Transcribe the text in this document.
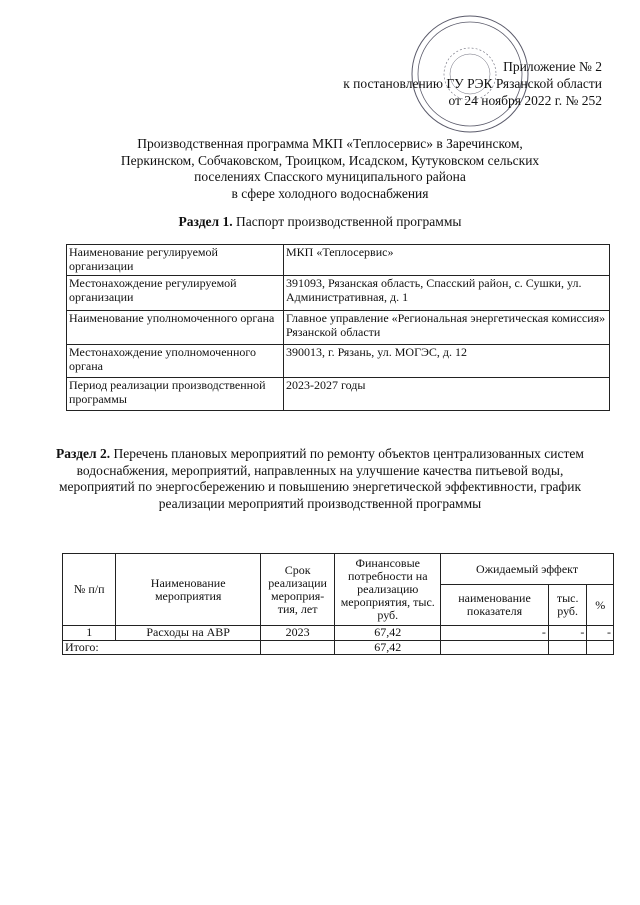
Приложение № 2
к постановлению ГУ РЭК Рязанской области
от 24 ноября 2022 г. № 252
Производственная программа МКП «Теплосервис» в Заречинском,
Перкинском, Собчаковском, Троицком, Исадском, Кутуковском сельских
поселениях Спасского муниципального района
в сфере холодного водоснабжения
Раздел 1. Паспорт производственной программы
Наименование регулируемой организации	МКП «Теплосервис»
Местонахождение регулируемой организации	391093, Рязанская область, Спасский район, с. Сушки, ул. Административная, д. 1
Наименование уполномоченного органа	Главное управление «Региональная энергетическая комиссия» Рязанской области
Местонахождение уполномоченного органа	390013, г. Рязань, ул. МОГЭС, д. 12
Период реализации производственной программы	2023-2027 годы
Раздел 2. Перечень плановых мероприятий по ремонту объектов централизованных систем водоснабжения, мероприятий, направленных на улучшение качества питьевой воды, мероприятий по энергосбережению и повышению энергетической эффективности, график реализации мероприятий производственной программы
№ п/п	Наименование мероприятия	Срок реализации мероприя-тия, лет	Финансовые потребности на реализацию мероприятия, тыс. руб.	Ожидаемый эффект		
				наименование показателя	тыс. руб.	%
1	Расходы на АВР	2023	67,42	-	-	-
Итого:			67,42			
